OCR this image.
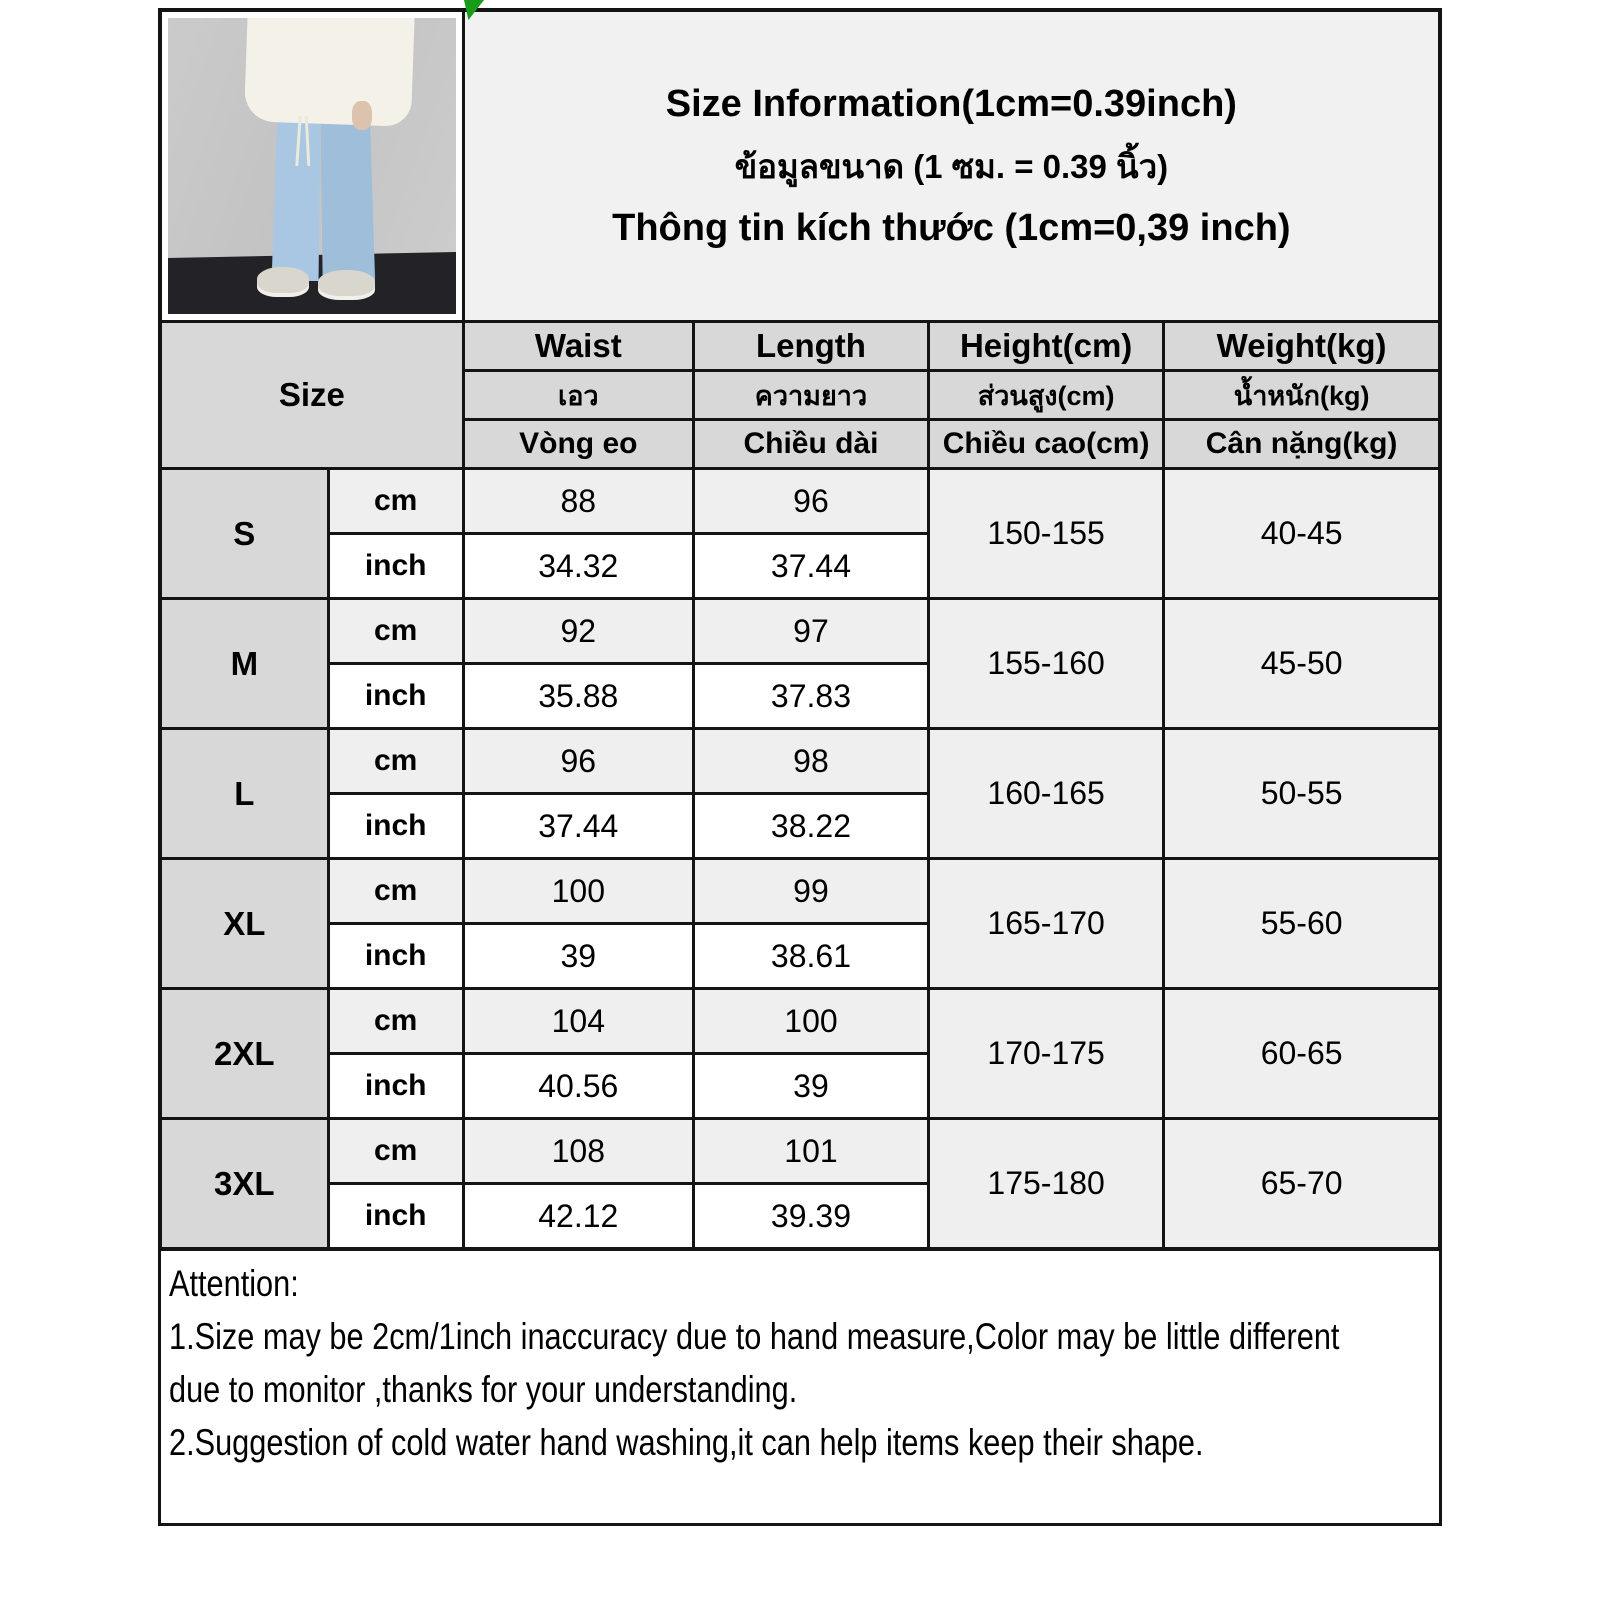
		Size Information(1cm=0.39inch)
ข้อมูลขนาด (1 ซม. = 0.39 นิ้ว)
Thông tin kích thước (1cm=0,39 inch)			

Size		Waist	Length	Height(cm)	Weight(kg)
		เอว	ความยาว	ส่วนสูง(cm)	น้ำหนัก(kg)
		Vòng eo	Chiều dài	Chiều cao(cm)	Cân nặng(kg)
S	cm	88	96	150-155	40-45
	inch	34.32	37.44		
M	cm	92	97	155-160	45-50
	inch	35.88	37.83		
L	cm	96	98	160-165	50-55
	inch	37.44	38.22		
XL	cm	100	99	165-170	55-60
	inch	39	38.61		
2XL	cm	104	100	170-175	60-65
	inch	40.56	39		
3XL	cm	108	101	175-180	65-70
	inch	42.12	39.39		
Attention:
1.Size may be 2cm/1inch inaccuracy due to hand measure,Color may be little different
due to monitor ,thanks for your understanding.
2.Suggestion of cold water hand washing,it can help items keep their shape.
